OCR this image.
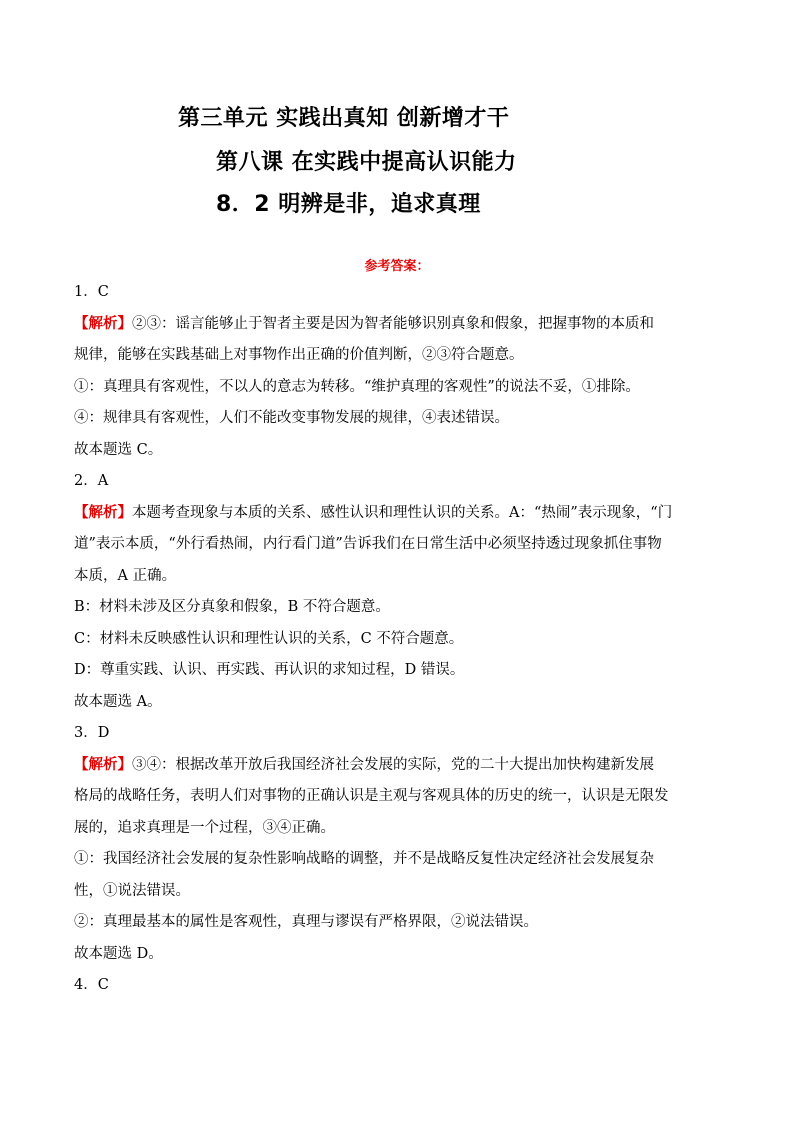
第三单元 实践出真知 创新增才干
第八课 在实践中提高认识能力
8．2 明辨是非，追求真理
参考答案：
1．C
【解析】②③：谣言能够止于智者主要是因为智者能够识别真象和假象，把握事物的本质和
规律，能够在实践基础上对事物作出正确的价值判断，②③符合题意。
①：真理具有客观性，不以人的意志为转移。“维护真理的客观性”的说法不妥，①排除。
④：规律具有客观性，人们不能改变事物发展的规律，④表述错误。
故本题选 C。
2．A
【解析】本题考查现象与本质的关系、感性认识和理性认识的关系。A：“热闹”表示现象，“门
道”表示本质，“外行看热闹，内行看门道”告诉我们在日常生活中必须坚持透过现象抓住事物
本质，A 正确。
B：材料未涉及区分真象和假象，B 不符合题意。
C：材料未反映感性认识和理性认识的关系，C 不符合题意。
D：尊重实践、认识、再实践、再认识的求知过程，D 错误。
故本题选 A。
3．D
【解析】③④：根据改革开放后我国经济社会发展的实际，党的二十大提出加快构建新发展
格局的战略任务，表明人们对事物的正确认识是主观与客观具体的历史的统一，认识是无限发
展的，追求真理是一个过程，③④正确。
①：我国经济社会发展的复杂性影响战略的调整，并不是战略反复性决定经济社会发展复杂
性，①说法错误。
②：真理最基本的属性是客观性，真理与谬误有严格界限，②说法错误。
故本题选 D。
4．C
